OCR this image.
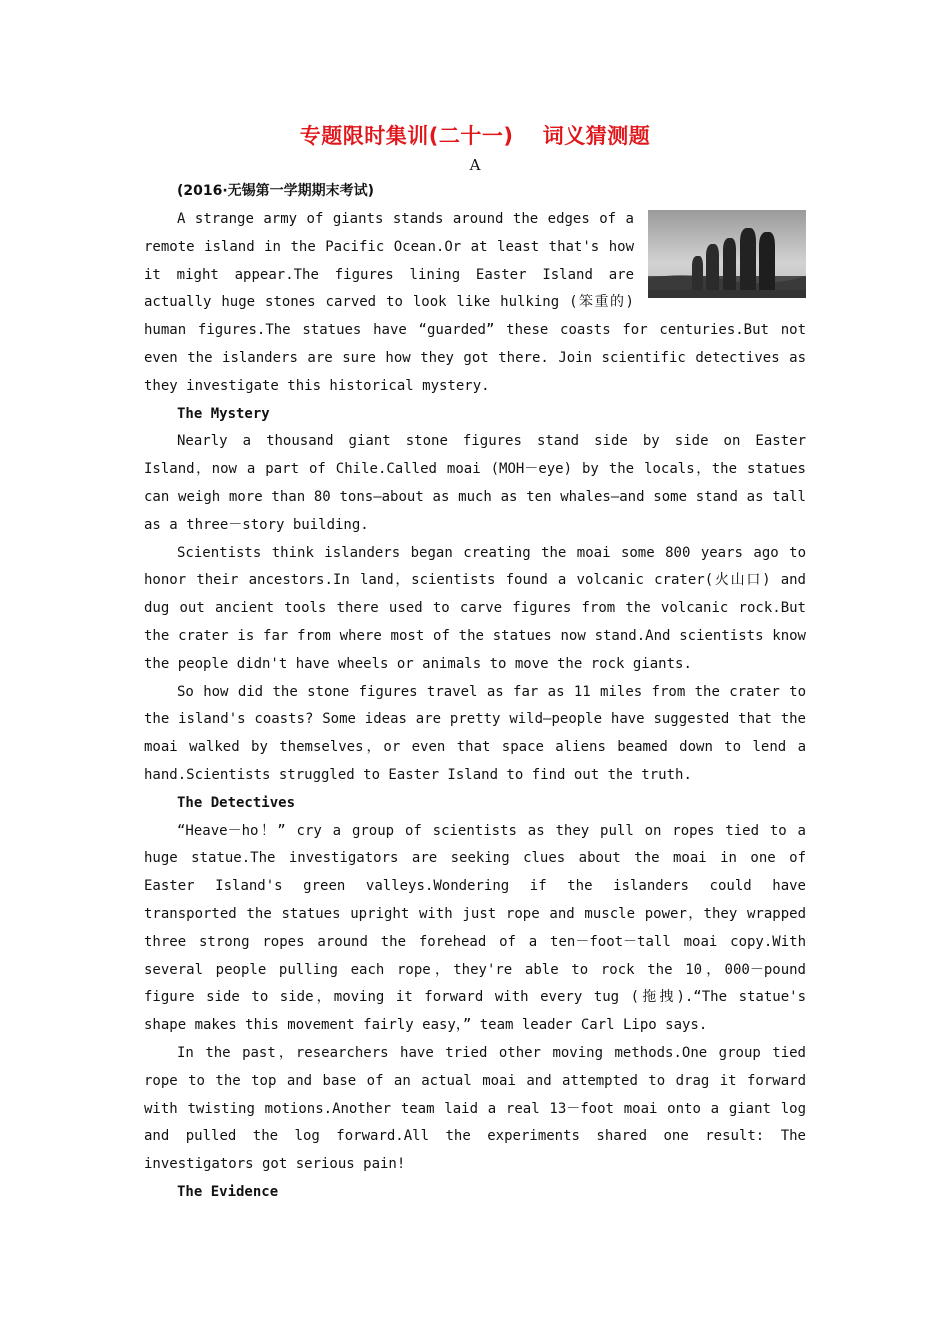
专题限时集训(二十一)　 词义猜测题
A
(2016·无锡第一学期期末考试)

A strange army of giants stands around the edges of a remote island in the Pacific Ocean.Or at least that's how it might appear.The figures lining Easter Island are actually huge stones carved to look like hulking (笨重的) human figures.The statues have “guarded” these coasts for centuries.But not even the islanders are sure how they got there. Join scientific detectives as they investigate this historical mystery.

The Mystery

Nearly a thousand giant stone figures stand side by side on Easter Island，now a part of Chile.Called moai (MOH－eye) by the locals，the statues can weigh more than 80 tons—about as much as ten whales—and some stand as tall as a three－story building.

Scientists think islanders began creating the moai some 800 years ago to honor their ancestors.In land，scientists found a volcanic crater(火山口) and dug out ancient tools there used to carve figures from the volcanic rock.But the crater is far from where most of the statues now stand.And scientists know the people didn't have wheels or animals to move the rock giants.

So how did the stone figures travel as far as 11 miles from the crater to the island's coasts? Some ideas are pretty wild—people have suggested that the moai walked by themselves，or even that space aliens beamed down to lend a hand.Scientists struggled to Easter Island to find out the truth.

The Detectives

“Heave－ho！” cry a group of scientists as they pull on ropes tied to a huge statue.The investigators are seeking clues about the moai in one of Easter Island's green valleys.Wondering if the islanders could have transported the statues upright with just rope and muscle power，they wrapped three strong ropes around the forehead of a ten－foot－tall moai copy.With several people pulling each rope，they're able to rock the 10，000－pound figure side to side，moving it forward with every tug (拖拽).“The statue's shape makes this movement fairly easy，” team leader Carl Lipo says.

In the past，researchers have tried other moving methods.One group tied rope to the top and base of an actual moai and attempted to drag it forward with twisting motions.Another team laid a real 13－foot moai onto a giant log and pulled the log forward.All the experiments shared one result: The investigators got serious pain!

The Evidence
